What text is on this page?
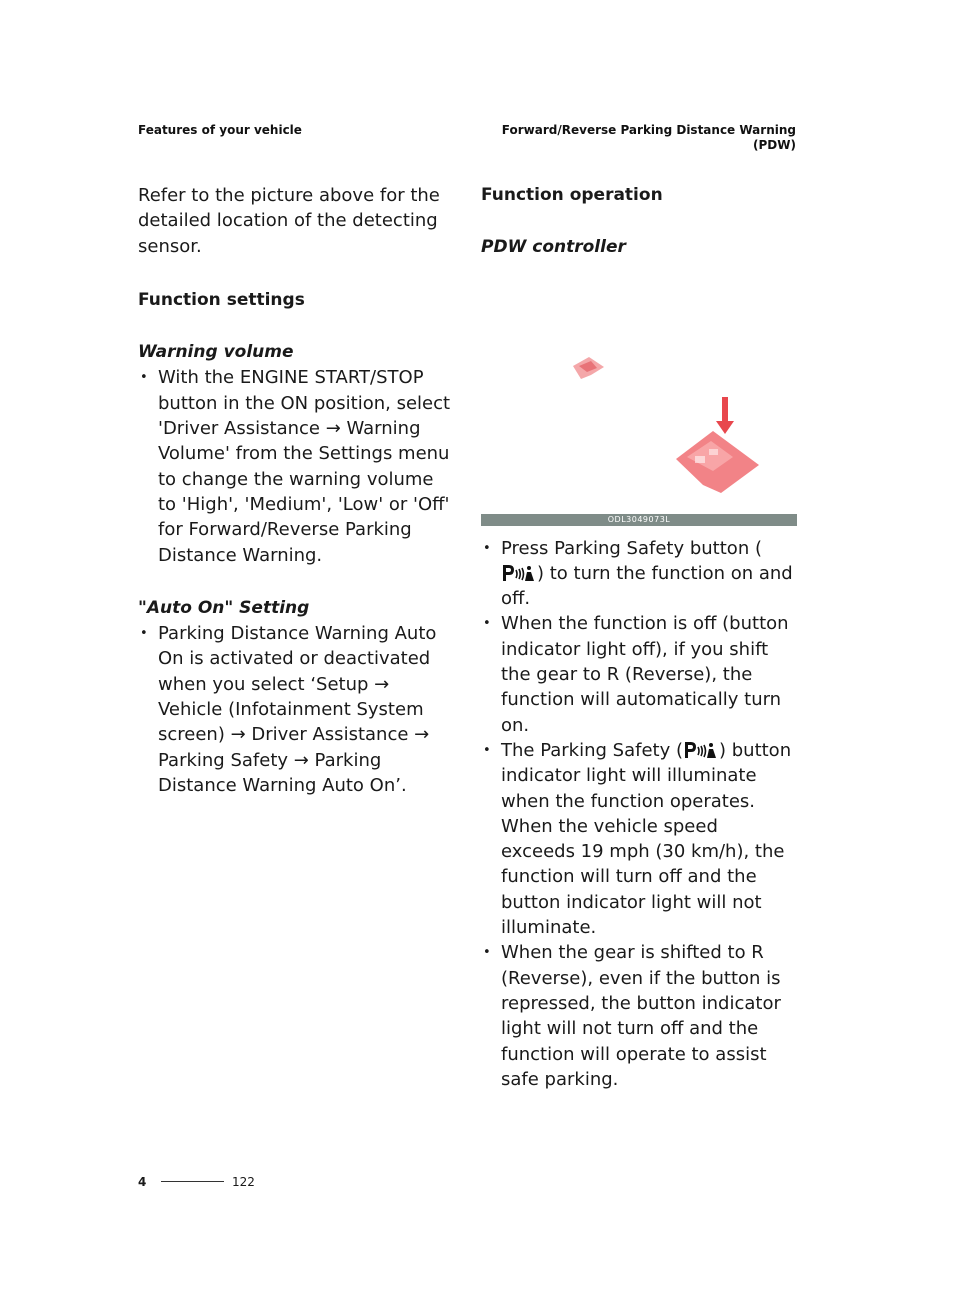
Features of your vehicle	Forward/Reverse Parking Distance Warning
(PDW)

Refer to the picture above for the detailed location of the detecting sensor.

Function settings

Warning volume

• With the ENGINE START/STOP button in the ON position, select 'Driver Assistance → Warning Volume' from the Settings menu to change the warning volume to 'High', 'Medium', 'Low' or 'Off' for Forward/Reverse Parking Distance Warning.

"Auto On" Setting

• Parking Distance Warning Auto On is activated or deactivated when you select ‘Setup → Vehicle (Infotainment System screen) → Driver Assistance → Parking Safety → Parking Distance Warning Auto On’.

Function operation

PDW controller

ODL3049073L
• Press Parking Safety button () to turn the function on and off.
• When the function is off (button indicator light off), if you shift the gear to R (Reverse), the function will automatically turn on.
• The Parking Safety ( ) button indicator light will illuminate when the function operates. When the vehicle speed exceeds 19 mph (30 km/h), the function will turn off and the button indicator light will not illuminate.
• When the gear is shifted to R (Reverse), even if the button is repressed, the button indicator light will not turn off and the function will operate to assist safe parking.
4	122
